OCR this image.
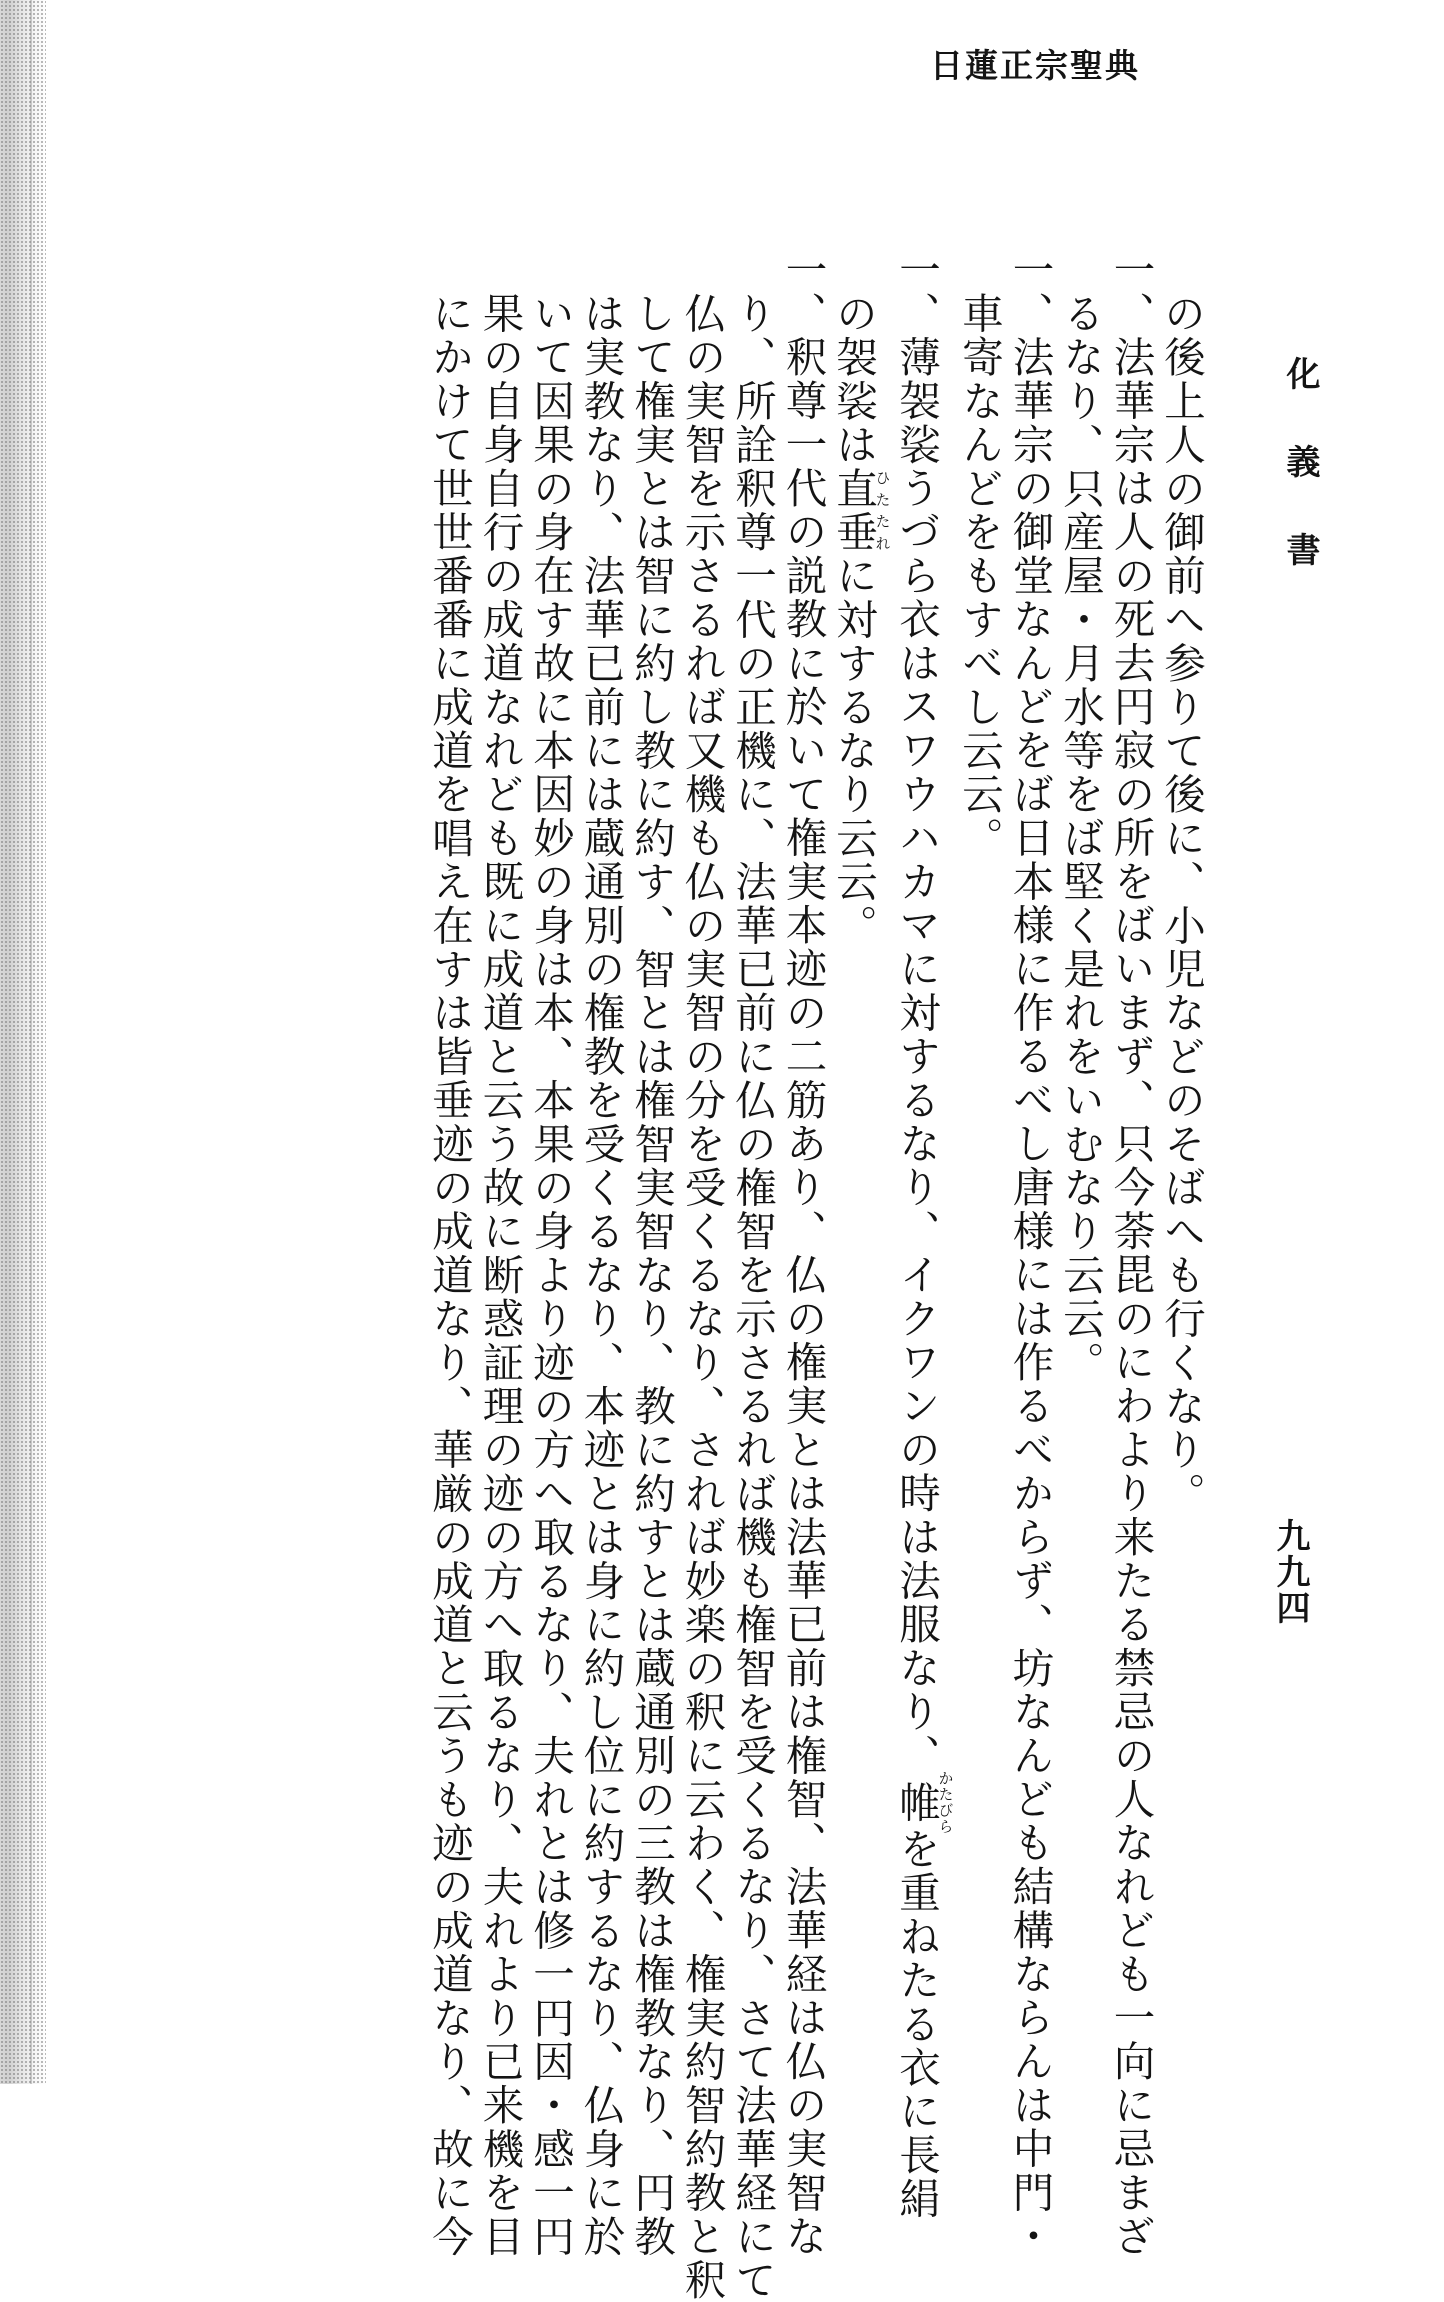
日蓮正宗聖典
九九四
化義書
の後上人の御前へ参りて後に、小児などのそばへも行くなり。
一、法華宗は人の死去円寂の所をばいまず、只今荼毘のにわより来たる禁忌の人なれども一向に忌まざ
るなり、只産屋・月水等をば堅く是れをいむなり云云。
一、法華宗の御堂なんどをば日本様に作るべし唐様には作るべからず、坊なんども結構ならんは中門・
車寄なんどをもすべし云云。
一、薄袈裟うづら衣はスワウハカマに対するなり、イクワンの時は法服なり、帷かたびらを重ねたる衣に長絹
の袈裟は直垂ひたたれに対するなり云云。
一、釈尊一代の説教に於いて権実本迹の二筋あり、仏の権実とは法華已前は権智、法華経は仏の実智な
り、所詮釈尊一代の正機に、法華已前に仏の権智を示さるれば機も権智を受くるなり、さて法華経にて
仏の実智を示さるれば又機も仏の実智の分を受くるなり、されば妙楽の釈に云わく、権実約智約教と釈
して権実とは智に約し教に約す、智とは権智実智なり、教に約すとは蔵通別の三教は権教なり、円教
は実教なり、法華已前には蔵通別の権教を受くるなり、本迹とは身に約し位に約するなり、仏身に於
いて因果の身在す故に本因妙の身は本、本果の身より迹の方へ取るなり、夫れとは修一円因・感一円
果の自身自行の成道なれども既に成道と云う故に断惑証理の迹の方へ取るなり、夫れより已来機を目
にかけて世世番番に成道を唱え在すは皆垂迹の成道なり、華厳の成道と云うも迹の成道なり、故に今
